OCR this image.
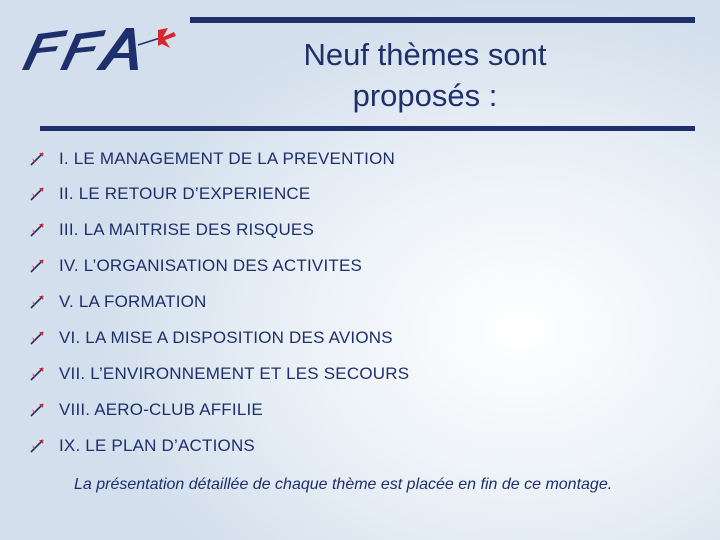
Neuf thèmes sont
proposés :
I. LE MANAGEMENT DE LA PREVENTION
II. LE RETOUR D’EXPERIENCE
III. LA MAITRISE DES RISQUES
IV. L’ORGANISATION DES ACTIVITES
V. LA FORMATION
VI. LA MISE A DISPOSITION DES AVIONS
VII. L’ENVIRONNEMENT ET LES SECOURS
VIII. AERO-CLUB AFFILIE
IX. LE PLAN D’ACTIONS
La présentation détaillée de chaque thème est placée en fin de ce montage.
